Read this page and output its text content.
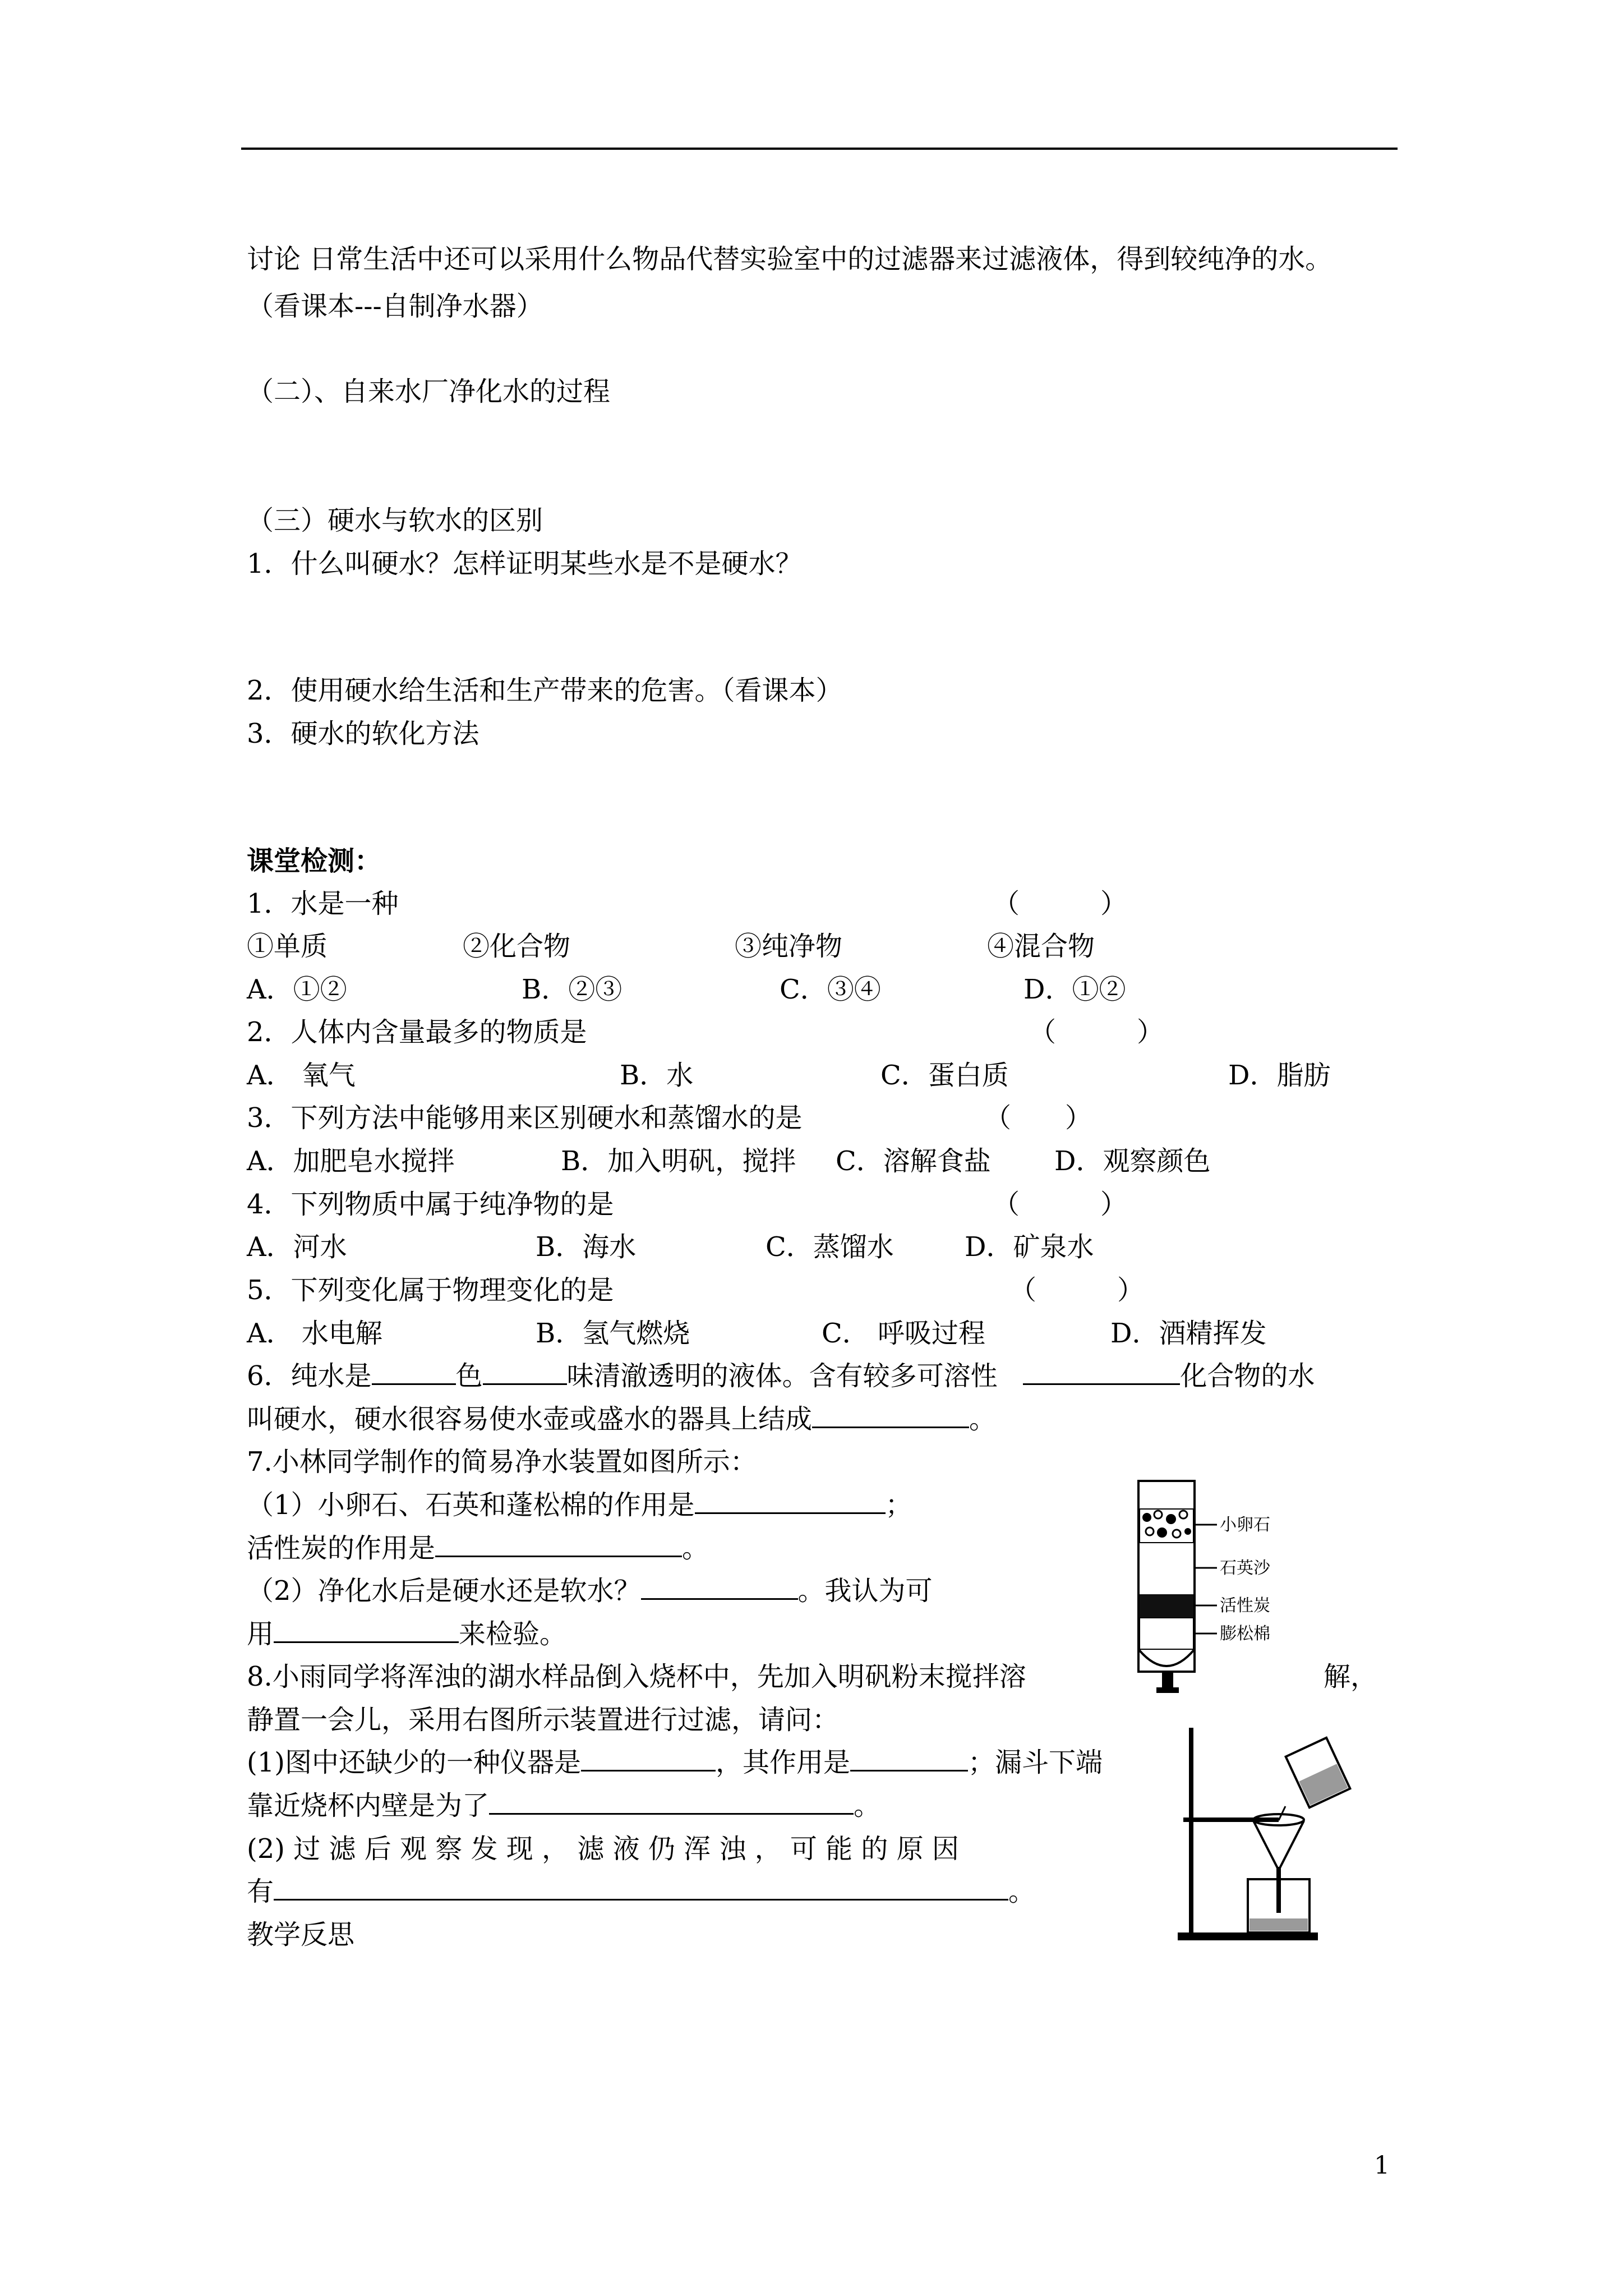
讨论 日常生活中还可以采用什么物品代替实验室中的过滤器来过滤液体，得到较纯净的水。
（看课本---自制净水器）
（二）、自来水厂净化水的过程
（三）硬水与软水的区别
1．什么叫硬水？怎样证明某些水是不是硬水？
2．使用硬水给生活和生产带来的危害。（看课本）
3．硬水的软化方法
课堂检测：
1．水是一种	（　　　）
①单质	②化合物	③纯净物	④混合物
A．①②	B．②③	C．③④	D．①②
2．人体内含量最多的物质是	（　　　）
A． 氧气	B．水	C．蛋白质	D．脂肪
3．下列方法中能够用来区别硬水和蒸馏水的是	（　　）
A．加肥皂水搅拌	B．加入明矾，搅拌 C．溶解食盐 D．观察颜色
4．下列物质中属于纯净物的是	（　　　）
A．河水	B．海水	C．蒸馏水	D．矿泉水
5．下列变化属于物理变化的是	（　　　）
A． 水电解	B．氢气燃烧	C． 呼吸过程	D．酒精挥发
6．纯水是	色	味清澈透明的液体。含有较多可溶性	化合物的水
叫硬水，硬水很容易使水壶或盛水的器具上结成	。
7.小林同学制作的简易净水装置如图所示：
（1）小卵石、石英和蓬松棉的作用是	；
活性炭的作用是	。
（2）净化水后是硬水还是软水？	。我认为可
用	来检验。
小卵石
石英沙
活性炭
膨松棉
8.小雨同学将浑浊的湖水样品倒入烧杯中，先加入明矾粉末搅拌溶	解，
静置一会儿，采用右图所示装置进行过滤，请问：
(1)图中还缺少的一种仪器是	，其作用是	；漏斗下端
靠近烧杯内壁是为了	。
(2) 过 滤 后 观 察 发 现 ， 滤 液 仍 浑 浊 ， 可 能 的 原 因
有	。
教学反思
1
